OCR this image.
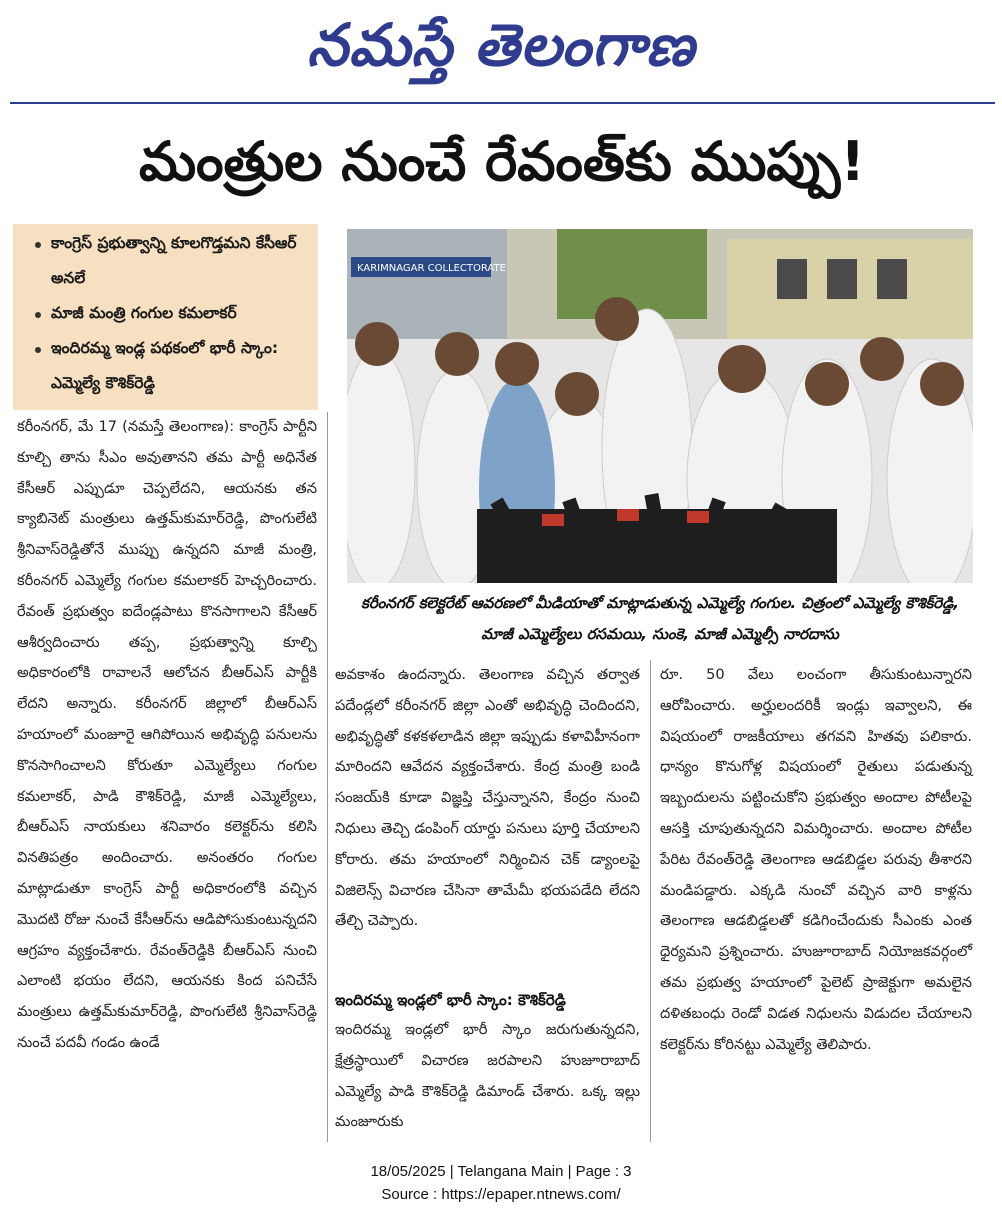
నమస్తే తెలంగాణ
మంత్రుల నుంచే రేవంత్‌కు ముప్పు!
కాంగ్రెస్ ప్రభుత్వాన్ని కూలగొడ్తమని కేసీఆర్ అనలే
మాజీ మంత్రి గంగుల కమలాకర్
ఇందిరమ్మ ఇండ్ల పథకంలో భారీ స్కాం: ఎమ్మెల్యే కౌశిక్‌రెడ్డి
కరీంనగర్, మే 17 (నమస్తే తెలంగాణ): కాంగ్రెస్ పార్టీని కూల్చి తాను సీఎం అవుతానని తమ పార్టీ అధినేత కేసీఆర్ ఎప్పుడూ చెప్పలేదని, ఆయనకు తన క్యాబినెట్ మంత్రులు ఉత్తమ్‌కుమార్‌రెడ్డి, పొంగులేటి శ్రీనివాస్‌రెడ్డితోనే ముప్పు ఉన్నదని మాజీ మంత్రి, కరీంనగర్ ఎమ్మెల్యే గంగుల కమలాకర్ హెచ్చరించారు. రేవంత్ ప్రభుత్వం ఐదేండ్లపాటు కొనసాగాలని కేసీఆర్ ఆశీర్వదించారు తప్ప, ప్రభుత్వాన్ని కూల్చి అధికారంలోకి రావాలనే ఆలోచన బీఆర్‌ఎస్ పార్టీకి లేదని అన్నారు. కరీంనగర్ జిల్లాలో బీఆర్‌ఎస్ హయాంలో మంజూరై ఆగిపోయిన అభివృద్ధి పనులను కొనసాగించాలని కోరుతూ ఎమ్మెల్యేలు గంగుల కమలాకర్, పాడి కౌశిక్‌రెడ్డి, మాజీ ఎమ్మెల్యేలు, బీఆర్‌ఎస్ నాయకులు శనివారం కలెక్టర్‌ను కలిసి వినతిపత్రం అందించారు. అనంతరం గంగుల మాట్లాడుతూ కాంగ్రెస్ పార్టీ అధికారంలోకి వచ్చిన మొదటి రోజు నుంచే కేసీఆర్‌ను ఆడిపోసుకుంటున్నదని ఆగ్రహం వ్యక్తంచేశారు. రేవంత్‌రెడ్డికి బీఆర్‌ఎస్ నుంచి ఎలాంటి భయం లేదని, ఆయనకు కింద పనిచేసే మంత్రులు ఉత్తమ్‌కుమార్‌రెడ్డి, పొంగులేటి శ్రీనివాస్‌రెడ్డి నుంచే పదవీ గండం ఉండే
KARIMNAGAR COLLECTORATE
కరీంనగర్ కలెక్టరేట్ ఆవరణలో మీడియాతో మాట్లాడుతున్న ఎమ్మెల్యే గంగుల. చిత్రంలో ఎమ్మెల్యే కౌశిక్‌రెడ్డి, మాజీ ఎమ్మెల్యేలు రసమయి, సుంకె, మాజీ ఎమ్మెల్సీ నారదాసు
అవకాశం ఉందన్నారు. తెలంగాణ వచ్చిన తర్వాత పదేండ్లలో కరీంనగర్ జిల్లా ఎంతో అభివృద్ధి చెందిందని, అభివృద్ధితో కళకళలాడిన జిల్లా ఇప్పుడు కళావిహీనంగా మారిందని ఆవేదన వ్యక్తంచేశారు. కేంద్ర మంత్రి బండి సంజయ్‌కి కూడా విజ్ఞప్తి చేస్తున్నానని, కేంద్రం నుంచి నిధులు తెచ్చి డంపింగ్ యార్డు పనులు పూర్తి చేయాలని కోరారు. తమ హయాంలో నిర్మించిన చెక్ డ్యాంలపై విజిలెన్స్ విచారణ చేసినా తామేమీ భయపడేది లేదని తేల్చి చెప్పారు.
ఇందిరమ్మ ఇండ్లలో భారీ స్కాం: కౌశిక్‌రెడ్డి
ఇందిరమ్మ ఇండ్లలో భారీ స్కాం జరుగుతున్నదని, క్షేత్రస్థాయిలో విచారణ జరపాలని హుజూరాబాద్ ఎమ్మెల్యే పాడి కౌశిక్‌రెడ్డి డిమాండ్ చేశారు. ఒక్క ఇల్లు మంజూరుకు
రూ. 50 వేలు లంచంగా తీసుకుంటున్నారని ఆరోపించారు. అర్హులందరికీ ఇండ్లు ఇవ్వాలని, ఈ విషయంలో రాజకీయాలు తగవని హితవు పలికారు. ధాన్యం కొనుగోళ్ల విషయంలో రైతులు పడుతున్న ఇబ్బందులను పట్టించుకోని ప్రభుత్వం అందాల పోటీలపై ఆసక్తి చూపుతున్నదని విమర్శించారు. అందాల పోటీల పేరిట రేవంత్‌రెడ్డి తెలంగాణ ఆడబిడ్డల పరువు తీశారని మండిపడ్డారు. ఎక్కడి నుంచో వచ్చిన వారి కాళ్లను తెలంగాణ ఆడబిడ్డలతో కడిగించేందుకు సీఎంకు ఎంత ధైర్యమని ప్రశ్నించారు. హుజూరాబాద్ నియోజకవర్గంలో తమ ప్రభుత్వ హయాంలో పైలెట్ ప్రాజెక్టుగా అమలైన దళితబంధు రెండో విడత నిధులను విడుదల చేయాలని కలెక్టర్‌ను కోరినట్టు ఎమ్మెల్యే తెలిపారు.
18/05/2025 | Telangana Main | Page : 3
Source : https://epaper.ntnews.com/
